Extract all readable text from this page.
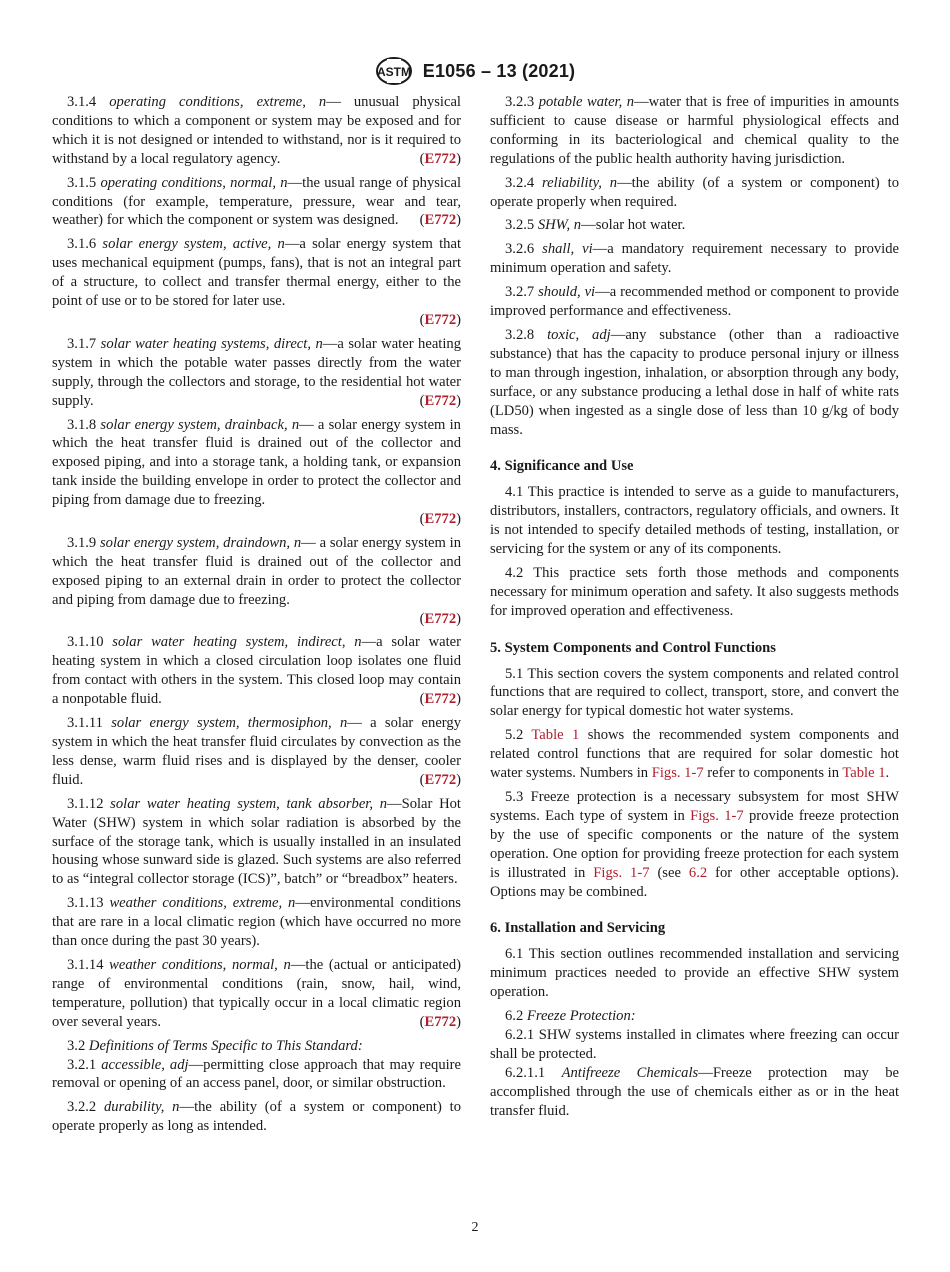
ASTM E1056 – 13 (2021)

3.1.4 operating conditions, extreme, n— unusual physical conditions to which a component or system may be exposed and for which it is not designed or intended to withstand, nor is it required to withstand by a local regulatory agency.	(E772)

3.1.5 operating conditions, normal, n—the usual range of physical conditions (for example, temperature, pressure, wear and tear, weather) for which the component or system was designed.	(E772)

3.1.6 solar energy system, active, n—a solar energy system that uses mechanical equipment (pumps, fans), that is not an integral part of a structure, to collect and transfer thermal energy, either to the point of use or to be stored for later use.

(E772)

3.1.7 solar water heating systems, direct, n—a solar water heating system in which the potable water passes directly from the water supply, through the collectors and storage, to the residential hot water supply.	(E772)

3.1.8 solar energy system, drainback, n— a solar energy system in which the heat transfer fluid is drained out of the collector and exposed piping, and into a storage tank, a holding tank, or expansion tank inside the building envelope in order to protect the collector and piping from damage due to freezing.

(E772)

3.1.9 solar energy system, draindown, n— a solar energy system in which the heat transfer fluid is drained out of the collector and exposed piping to an external drain in order to protect the collector and piping from damage due to freezing.

(E772)

3.1.10 solar water heating system, indirect, n—a solar water heating system in which a closed circulation loop isolates one fluid from contact with others in the system. This closed loop may contain a nonpotable fluid.	(E772)

3.1.11 solar energy system, thermosiphon, n— a solar energy system in which the heat transfer fluid circulates by convection as the less dense, warm fluid rises and is displayed by the denser, cooler fluid.	(E772)

3.1.12 solar water heating system, tank absorber, n—Solar Hot Water (SHW) system in which solar radiation is absorbed by the surface of the storage tank, which is usually installed in an insulated housing whose sunward side is glazed. Such systems are also referred to as “integral collector storage (ICS)”, batch” or “breadbox” heaters.

3.1.13 weather conditions, extreme, n—environmental conditions that are rare in a local climatic region (which have occurred no more than once during the past 30 years).

3.1.14 weather conditions, normal, n—the (actual or anticipated) range of environmental conditions (rain, snow, hail, wind, temperature, pollution) that typically occur in a local climatic region over several years.	(E772)

3.2 Definitions of Terms Specific to This Standard:

3.2.1 accessible, adj—permitting close approach that may require removal or opening of an access panel, door, or similar obstruction.

3.2.2 durability, n—the ability (of a system or component) to operate properly as long as intended.

3.2.3 potable water, n—water that is free of impurities in amounts sufficient to cause disease or harmful physiological effects and conforming in its bacteriological and chemical quality to the regulations of the public health authority having jurisdiction.

3.2.4 reliability, n—the ability (of a system or component) to operate properly when required.

3.2.5 SHW, n—solar hot water.

3.2.6 shall, vi—a mandatory requirement necessary to provide minimum operation and safety.

3.2.7 should, vi—a recommended method or component to provide improved performance and effectiveness.

3.2.8 toxic, adj—any substance (other than a radioactive substance) that has the capacity to produce personal injury or illness to man through ingestion, inhalation, or absorption through any body, surface, or any substance producing a lethal dose in half of white rats (LD50) when ingested as a single dose of less than 10 g/kg of body mass.

4. Significance and Use

4.1 This practice is intended to serve as a guide to manufacturers, distributors, installers, contractors, regulatory officials, and owners. It is not intended to specify detailed methods of testing, installation, or servicing for the system or any of its components.

4.2 This practice sets forth those methods and components necessary for minimum operation and safety. It also suggests methods for improved operation and effectiveness.

5. System Components and Control Functions

5.1 This section covers the system components and related control functions that are required to collect, transport, store, and convert the solar energy for typical domestic hot water systems.

5.2 Table 1 shows the recommended system components and related control functions that are required for solar domestic hot water systems. Numbers in Figs. 1-7 refer to components in Table 1.

5.3 Freeze protection is a necessary subsystem for most SHW systems. Each type of system in Figs. 1-7 provide freeze protection by the use of specific components or the nature of the system operation. One option for providing freeze protection for each system is illustrated in Figs. 1-7 (see 6.2 for other acceptable options). Options may be combined.

6. Installation and Servicing

6.1 This section outlines recommended installation and servicing minimum practices needed to provide an effective SHW system operation.

6.2 Freeze Protection:

6.2.1 SHW systems installed in climates where freezing can occur shall be protected.

6.2.1.1 Antifreeze Chemicals—Freeze protection may be accomplished through the use of chemicals either as or in the heat transfer fluid.

2
